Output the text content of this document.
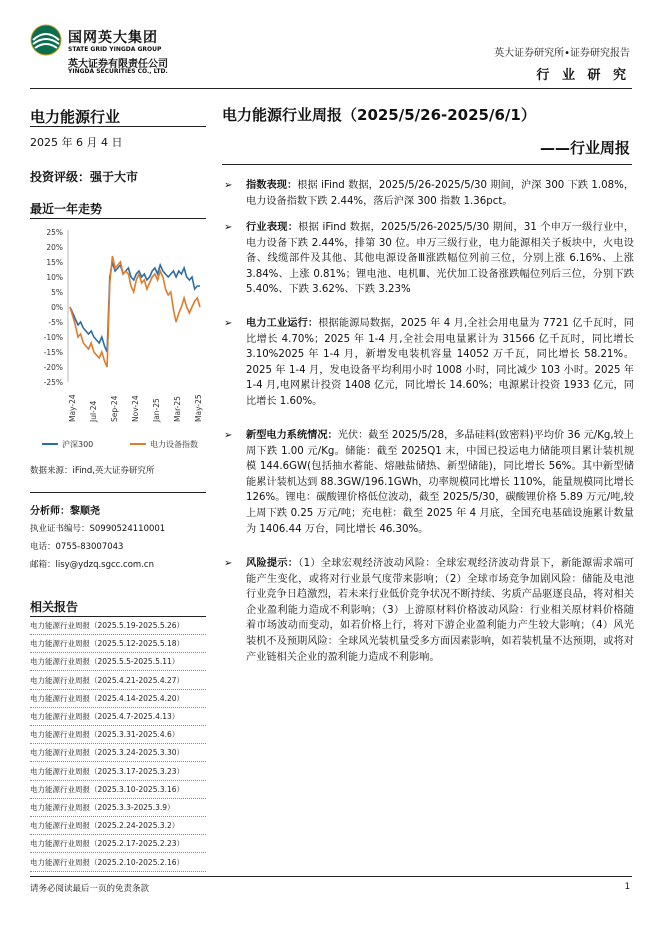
国网英大集团
STATE GRID YINGDA GROUP
英大证券有限责任公司
YINGDA SECURITIES CO., LTD.
英大证券研究所•证券研究报告
行 业 研 究
电力能源行业
2025 年 6 月 4 日
投资评级：强于大市
最近一年走势
25%
20%
15%
10%
5%
0%
-5%
-10%
-15%
-20%
-25%
May-24 Jul-24 Sep-24 Nov-24 Jan-25 Mar-25 May-25
沪深300	电力设备指数
数据来源：iFind,英大证券研究所
分析师：黎顺尧
执业证书编号：S0990524110001
电话：0755-83007043
邮箱：lisy@ydzq.sgcc.com.cn
相关报告
电力能源行业周报（2025.5.19-2025.5.26）
电力能源行业周报（2025.5.12-2025.5.18）
电力能源行业周报（2025.5.5-2025.5.11）
电力能源行业周报（2025.4.21-2025.4.27）
电力能源行业周报（2025.4.14-2025.4.20）
电力能源行业周报（2025.4.7-2025.4.13）
电力能源行业周报（2025.3.31-2025.4.6）
电力能源行业周报（2025.3.24-2025.3.30）
电力能源行业周报（2025.3.17-2025.3.23）
电力能源行业周报（2025.3.10-2025.3.16）
电力能源行业周报（2025.3.3-2025.3.9）
电力能源行业周报（2025.2.24-2025.3.2）
电力能源行业周报（2025.2.17-2025.2.23）
电力能源行业周报（2025.2.10-2025.2.16）
电力能源行业周报（2025/5/26-2025/6/1）
——行业周报
➢ 指数表现：根据 iFind 数据，2025/5/26-2025/5/30 期间，沪深 300 下跌 1.08%，电力设备指数下跌 2.44%，落后沪深 300 指数 1.36pct。
➢ 行业表现：根据 iFind 数据，2025/5/26-2025/5/30 期间，31 个申万一级行业中，电力设备下跌 2.44%，排第 30 位。申万三级行业，电力能源相关子板块中，火电设备、线缆部件及其他、其他电源设备Ⅲ涨跌幅位列前三位，分别上涨 6.16%、上涨 3.84%、上涨 0.81%；锂电池、电机Ⅲ、光伏加工设备涨跌幅位列后三位，分别下跌 5.40%、下跌 3.62%、下跌 3.23%
➢ 电力工业运行：根据能源局数据，2025 年 4 月,全社会用电量为 7721 亿千瓦时，同比增长 4.70%；2025 年 1-4 月,全社会用电量累计为 31566 亿千瓦时，同比增长 3.10%2025 年 1-4 月，新增发电装机容量 14052 万千瓦，同比增长 58.21%。2025 年 1-4 月，发电设备平均利用小时 1008 小时，同比减少 103 小时。2025 年 1-4 月,电网累计投资 1408 亿元，同比增长 14.60%；电源累计投资 1933 亿元，同比增长 1.60%。
➢ 新型电力系统情况：光伏：截至 2025/5/28，多晶硅料(致密料)平均价 36 元/Kg,较上周下跌 1.00 元/Kg。储能：截至 2025Q1 末，中国已投运电力储能项目累计装机规模 144.6GW(包括抽水蓄能、熔融盐储热、新型储能)，同比增长 56%。其中新型储能累计装机达到 88.3GW/196.1GWh，功率规模同比增长 110%，能量规模同比增长 126%。锂电：碳酸锂价格低位波动，截至 2025/5/30，碳酸锂价格 5.89 万元/吨,较上周下跌 0.25 万元/吨；充电桩：截至 2025 年 4 月底，全国充电基础设施累计数量为 1406.44 万台，同比增长 46.30%。
➢ 风险提示：（1）全球宏观经济波动风险：全球宏观经济波动背景下，新能源需求端可能产生变化，或将对行业景气度带来影响；（2）全球市场竞争加剧风险：储能及电池行业竞争日趋激烈，若未来行业低价竞争状况不断持续、劣质产品驱逐良品，将对相关企业盈利能力造成不利影响；（3）上游原材料价格波动风险：行业相关原材料价格随着市场波动而变动，如若价格上行，将对下游企业盈利能力产生较大影响；（4）风光装机不及预期风险：全球风光装机量受多方面因素影响，如若装机量不达预期，或将对产业链相关企业的盈利能力造成不利影响。
请务必阅读最后一页的免责条款	1
